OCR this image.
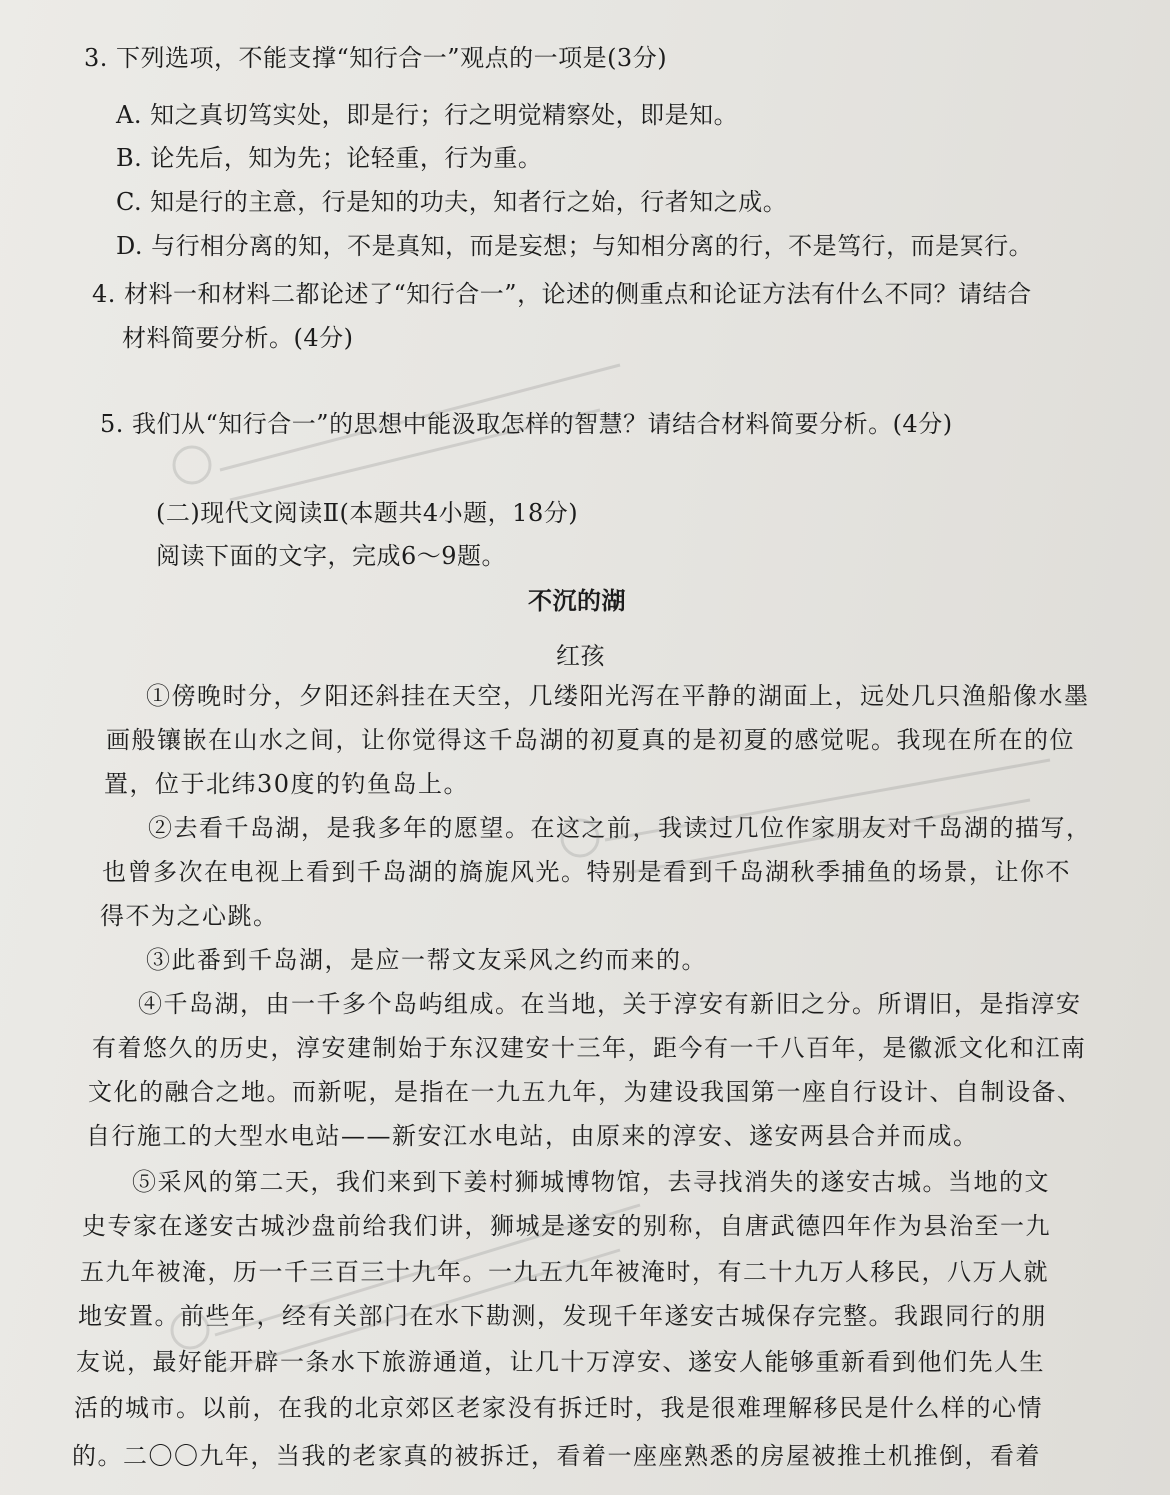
3. 下列选项，不能支撑“知行合一”观点的一项是(3分)
A. 知之真切笃实处，即是行；行之明觉精察处，即是知。
B. 论先后，知为先；论轻重，行为重。
C. 知是行的主意，行是知的功夫，知者行之始，行者知之成。
D. 与行相分离的知，不是真知，而是妄想；与知相分离的行，不是笃行，而是冥行。
4. 材料一和材料二都论述了“知行合一”，论述的侧重点和论证方法有什么不同？请结合
材料简要分析。(4分)
5. 我们从“知行合一”的思想中能汲取怎样的智慧？请结合材料简要分析。(4分)
(二)现代文阅读Ⅱ(本题共4小题，18分)
阅读下面的文字，完成6～9题。
不沉的湖
红孩
①傍晚时分，夕阳还斜挂在天空，几缕阳光泻在平静的湖面上，远处几只渔船像水墨
画般镶嵌在山水之间，让你觉得这千岛湖的初夏真的是初夏的感觉呢。我现在所在的位
置，位于北纬30度的钓鱼岛上。
②去看千岛湖，是我多年的愿望。在这之前，我读过几位作家朋友对千岛湖的描写，
也曾多次在电视上看到千岛湖的旖旎风光。特别是看到千岛湖秋季捕鱼的场景，让你不
得不为之心跳。
③此番到千岛湖，是应一帮文友采风之约而来的。
④千岛湖，由一千多个岛屿组成。在当地，关于淳安有新旧之分。所谓旧，是指淳安
有着悠久的历史，淳安建制始于东汉建安十三年，距今有一千八百年，是徽派文化和江南
文化的融合之地。而新呢，是指在一九五九年，为建设我国第一座自行设计、自制设备、
自行施工的大型水电站——新安江水电站，由原来的淳安、遂安两县合并而成。
⑤采风的第二天，我们来到下姜村狮城博物馆，去寻找消失的遂安古城。当地的文
史专家在遂安古城沙盘前给我们讲，狮城是遂安的别称，自唐武德四年作为县治至一九
五九年被淹，历一千三百三十九年。一九五九年被淹时，有二十九万人移民，八万人就
地安置。前些年，经有关部门在水下勘测，发现千年遂安古城保存完整。我跟同行的朋
友说，最好能开辟一条水下旅游通道，让几十万淳安、遂安人能够重新看到他们先人生
活的城市。以前，在我的北京郊区老家没有拆迁时，我是很难理解移民是什么样的心情
的。二〇〇九年，当我的老家真的被拆迁，看着一座座熟悉的房屋被推土机推倒，看着
